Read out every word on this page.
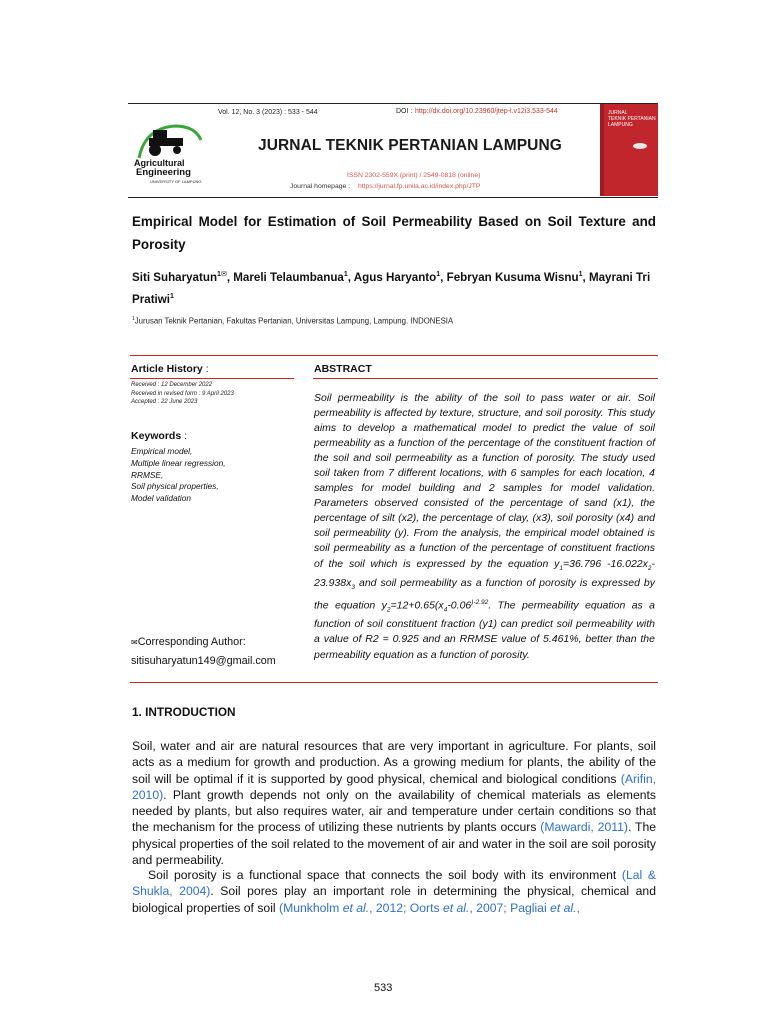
Agricultural
Engineering
UNIVERSITY OF LAMPUNG
Vol. 12, No. 3 (2023) : 533 - 544	DOI : http://dx.doi.org/10.23960/jtep-l.v12i3.533-544
JURNAL TEKNIK PERTANIAN LAMPUNG
ISSN 2302-559X (print) / 2549-0818 (online)
Journal homepage : https://jurnal.fp.unila.ac.id/index.php/JTP
JURNAL
TEKNIK PERTANIAN
LAMPUNG
Empirical Model for Estimation of Soil Permeability Based on Soil Texture and Porosity
Siti Suharyatun$^{1✉}$, Mareli Telaumbanua$^1$, Agus Haryanto$^1$, Febryan Kusuma Wisnu$^1$, Mayrani Tri Pratiwi$^1$
$^1$Jurusan Teknik Pertanian, Fakultas Pertanian, Universitas Lampung, Lampung. INDONESIA
Article History :	ABSTRACT
Received : 12 December 2022
Received in revised form : 9 April 2023
Accepted : 22 June 2023
Keywords :
Empirical model,
Multiple linear regression,
RRMSE,
Soil physical properties,
Model validation
✉Corresponding Author:
sitisuharyatun149@gmail.com
Soil permeability is the ability of the soil to pass water or air. Soil permeability is affected by texture, structure, and soil porosity. This study aims to develop a mathematical model to predict the value of soil permeability as a function of the percentage of the constituent fraction of the soil and soil permeability as a function of porosity. The study used soil taken from 7 different locations, with 6 samples for each location, 4 samples for model building and 2 samples for model validation. Parameters observed consisted of the percentage of sand (x1), the percentage of silt (x2), the percentage of clay, (x3), soil porosity (x4) and soil permeability (y). From the analysis, the empirical model obtained is soil permeability as a function of the percentage of constituent fractions of the soil which is expressed by the equation $y_1=36.796$ $-16.022x_2-23.938x_3$ and soil permeability as a function of porosity is expressed by the equation $y_2=12+0.65(x_4-0.06^{)-2.92}$. The permeability equation as a function of soil constituent fraction (y1) can predict soil permeability with a value of R2 = 0.925 and an RRMSE value of 5.461%, better than the permeability equation as a function of porosity.
1. INTRODUCTION
Soil, water and air are natural resources that are very important in agriculture. For plants, soil acts as a medium for growth and production. As a growing medium for plants, the ability of the soil will be optimal if it is supported by good physical, chemical and biological conditions (Arifin, 2010). Plant growth depends not only on the availability of chemical materials as elements needed by plants, but also requires water, air and temperature under certain conditions so that the mechanism for the process of utilizing these nutrients by plants occurs (Mawardi, 2011). The physical properties of the soil related to the movement of air and water in the soil are soil porosity and permeability.
Soil porosity is a functional space that connects the soil body with its environment (Lal & Shukla, 2004). Soil pores play an important role in determining the physical, chemical and biological properties of soil (Munkholm et al., 2012; Oorts et al., 2007; Pagliai et al.,
533
